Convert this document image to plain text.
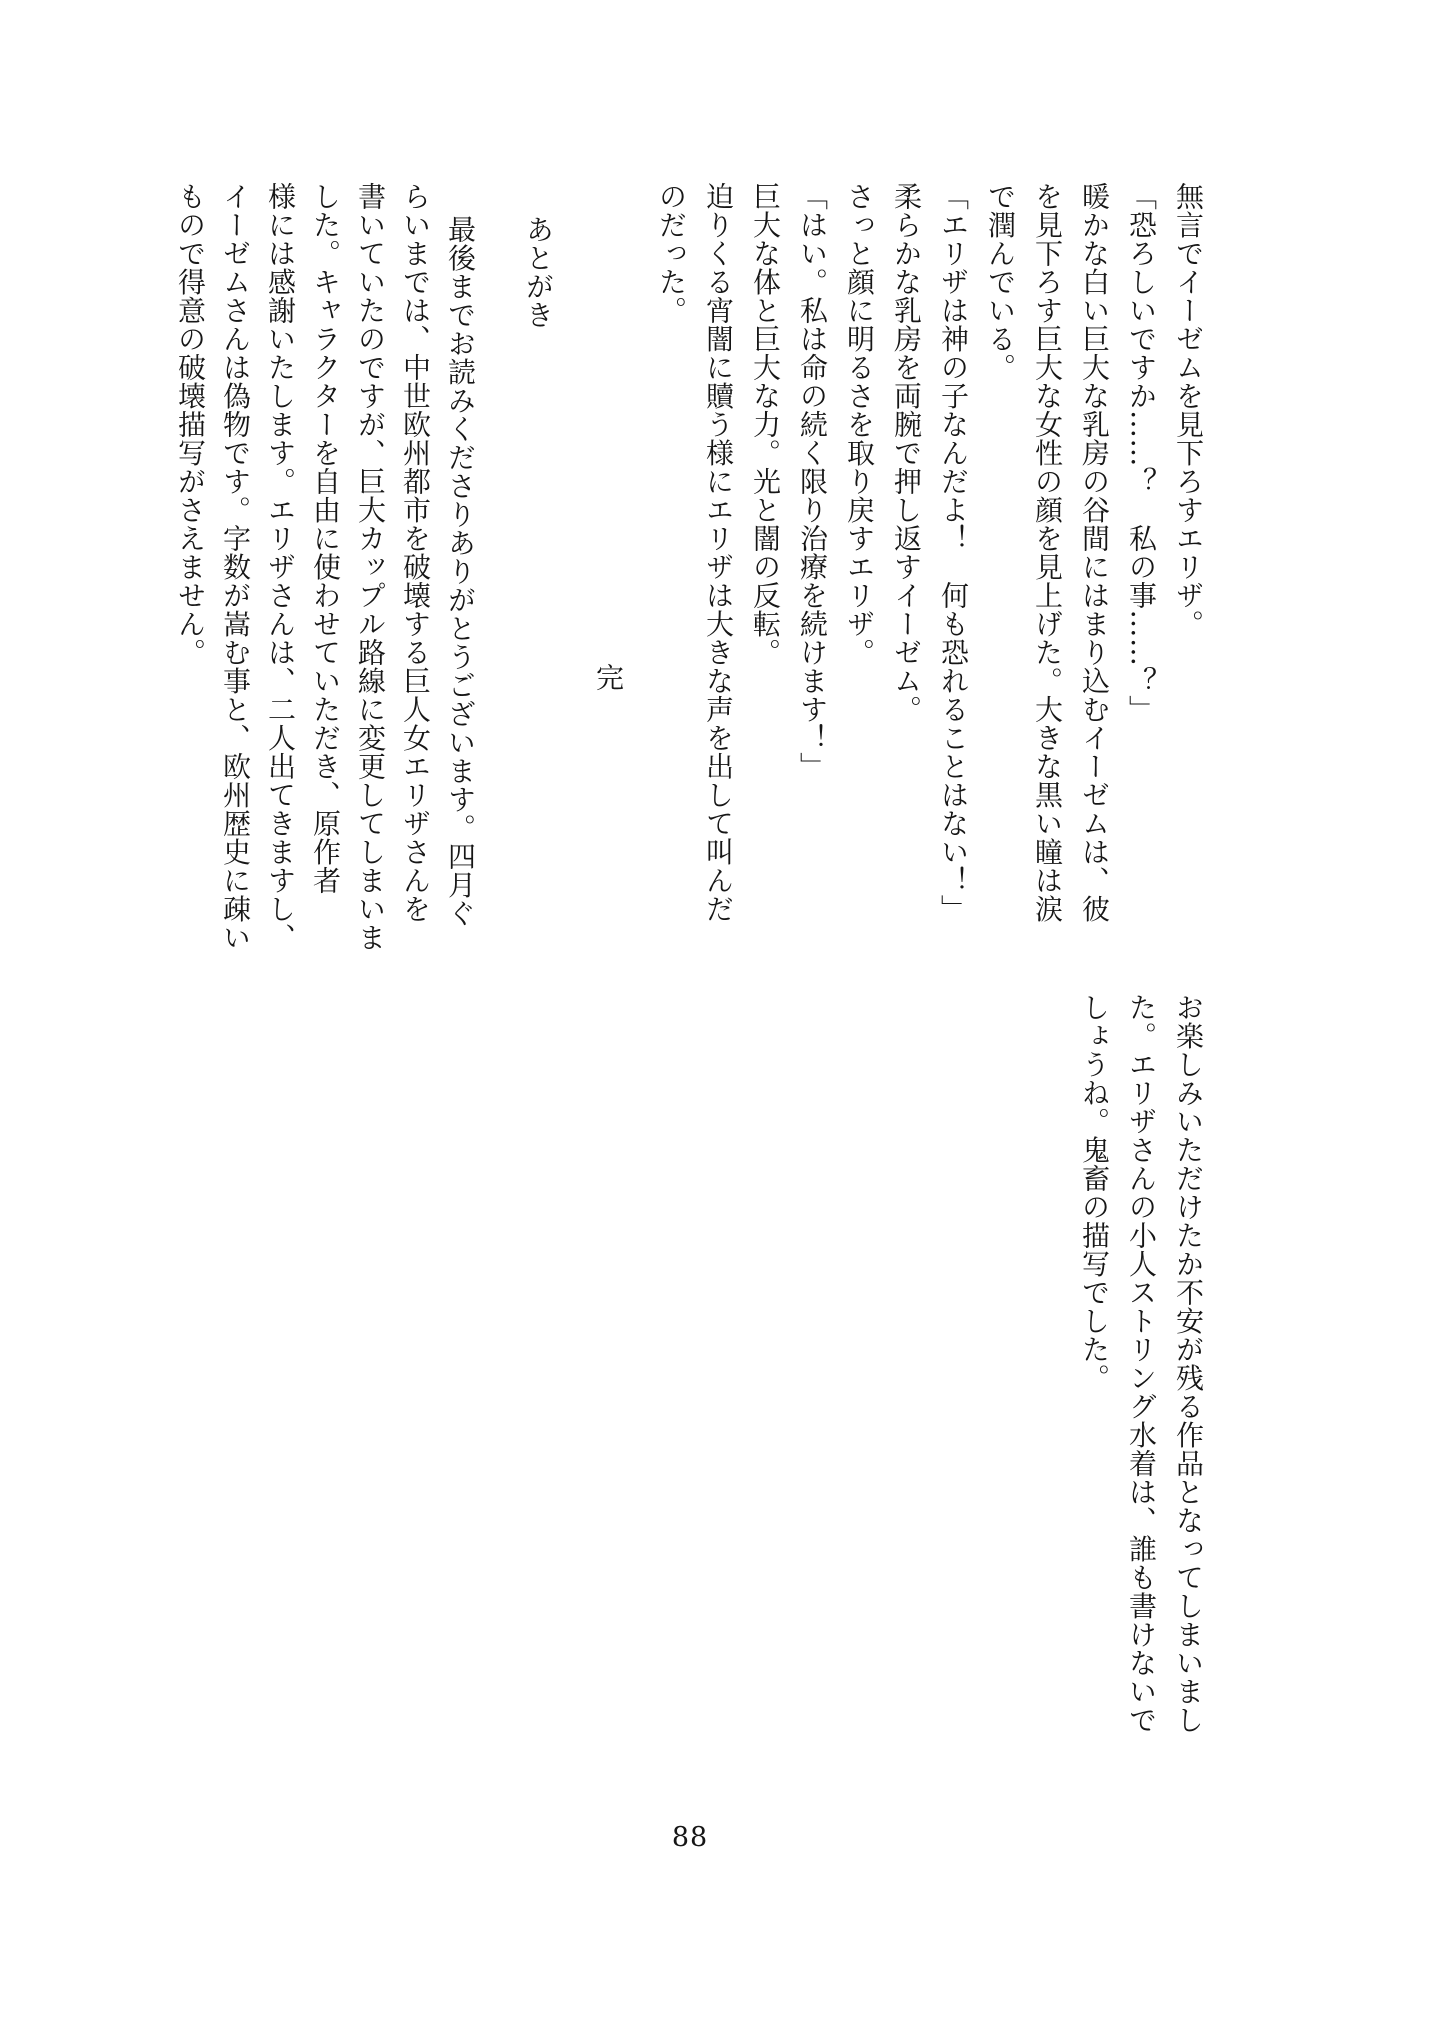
無言でイーゼムを見下ろすエリザ。

「恐ろしいですか……？　私の事……？」

暖かな白い巨大な乳房の谷間にはまり込むイーゼムは、彼

を見下ろす巨大な女性の顔を見上げた。大きな黒い瞳は涙

で潤んでいる。

「エリザは神の子なんだよ！　何も恐れることはない！」

柔らかな乳房を両腕で押し返すイーゼム。

さっと顔に明るさを取り戻すエリザ。

「はい。私は命の続く限り治療を続けます！」

巨大な体と巨大な力。光と闇の反転。

迫りくる宵闇に贖う様にエリザは大きな声を出して叫んだ

のだった。

完

あとがき

最後までお読みくださりありがとうございます。四月ぐ

らいまでは、中世欧州都市を破壊する巨人女エリザさんを

書いていたのですが、巨大カップル路線に変更してしまいま

した。キャラクターを自由に使わせていただき、原作者

様には感謝いたします。エリザさんは、二人出てきますし、

イーゼムさんは偽物です。字数が嵩む事と、欧州歴史に疎い

もので得意の破壊描写がさえません。

お楽しみいただけたか不安が残る作品となってしまいまし

た。エリザさんの小人ストリング水着は、誰も書けないで

しょうね。鬼畜の描写でした。

88
